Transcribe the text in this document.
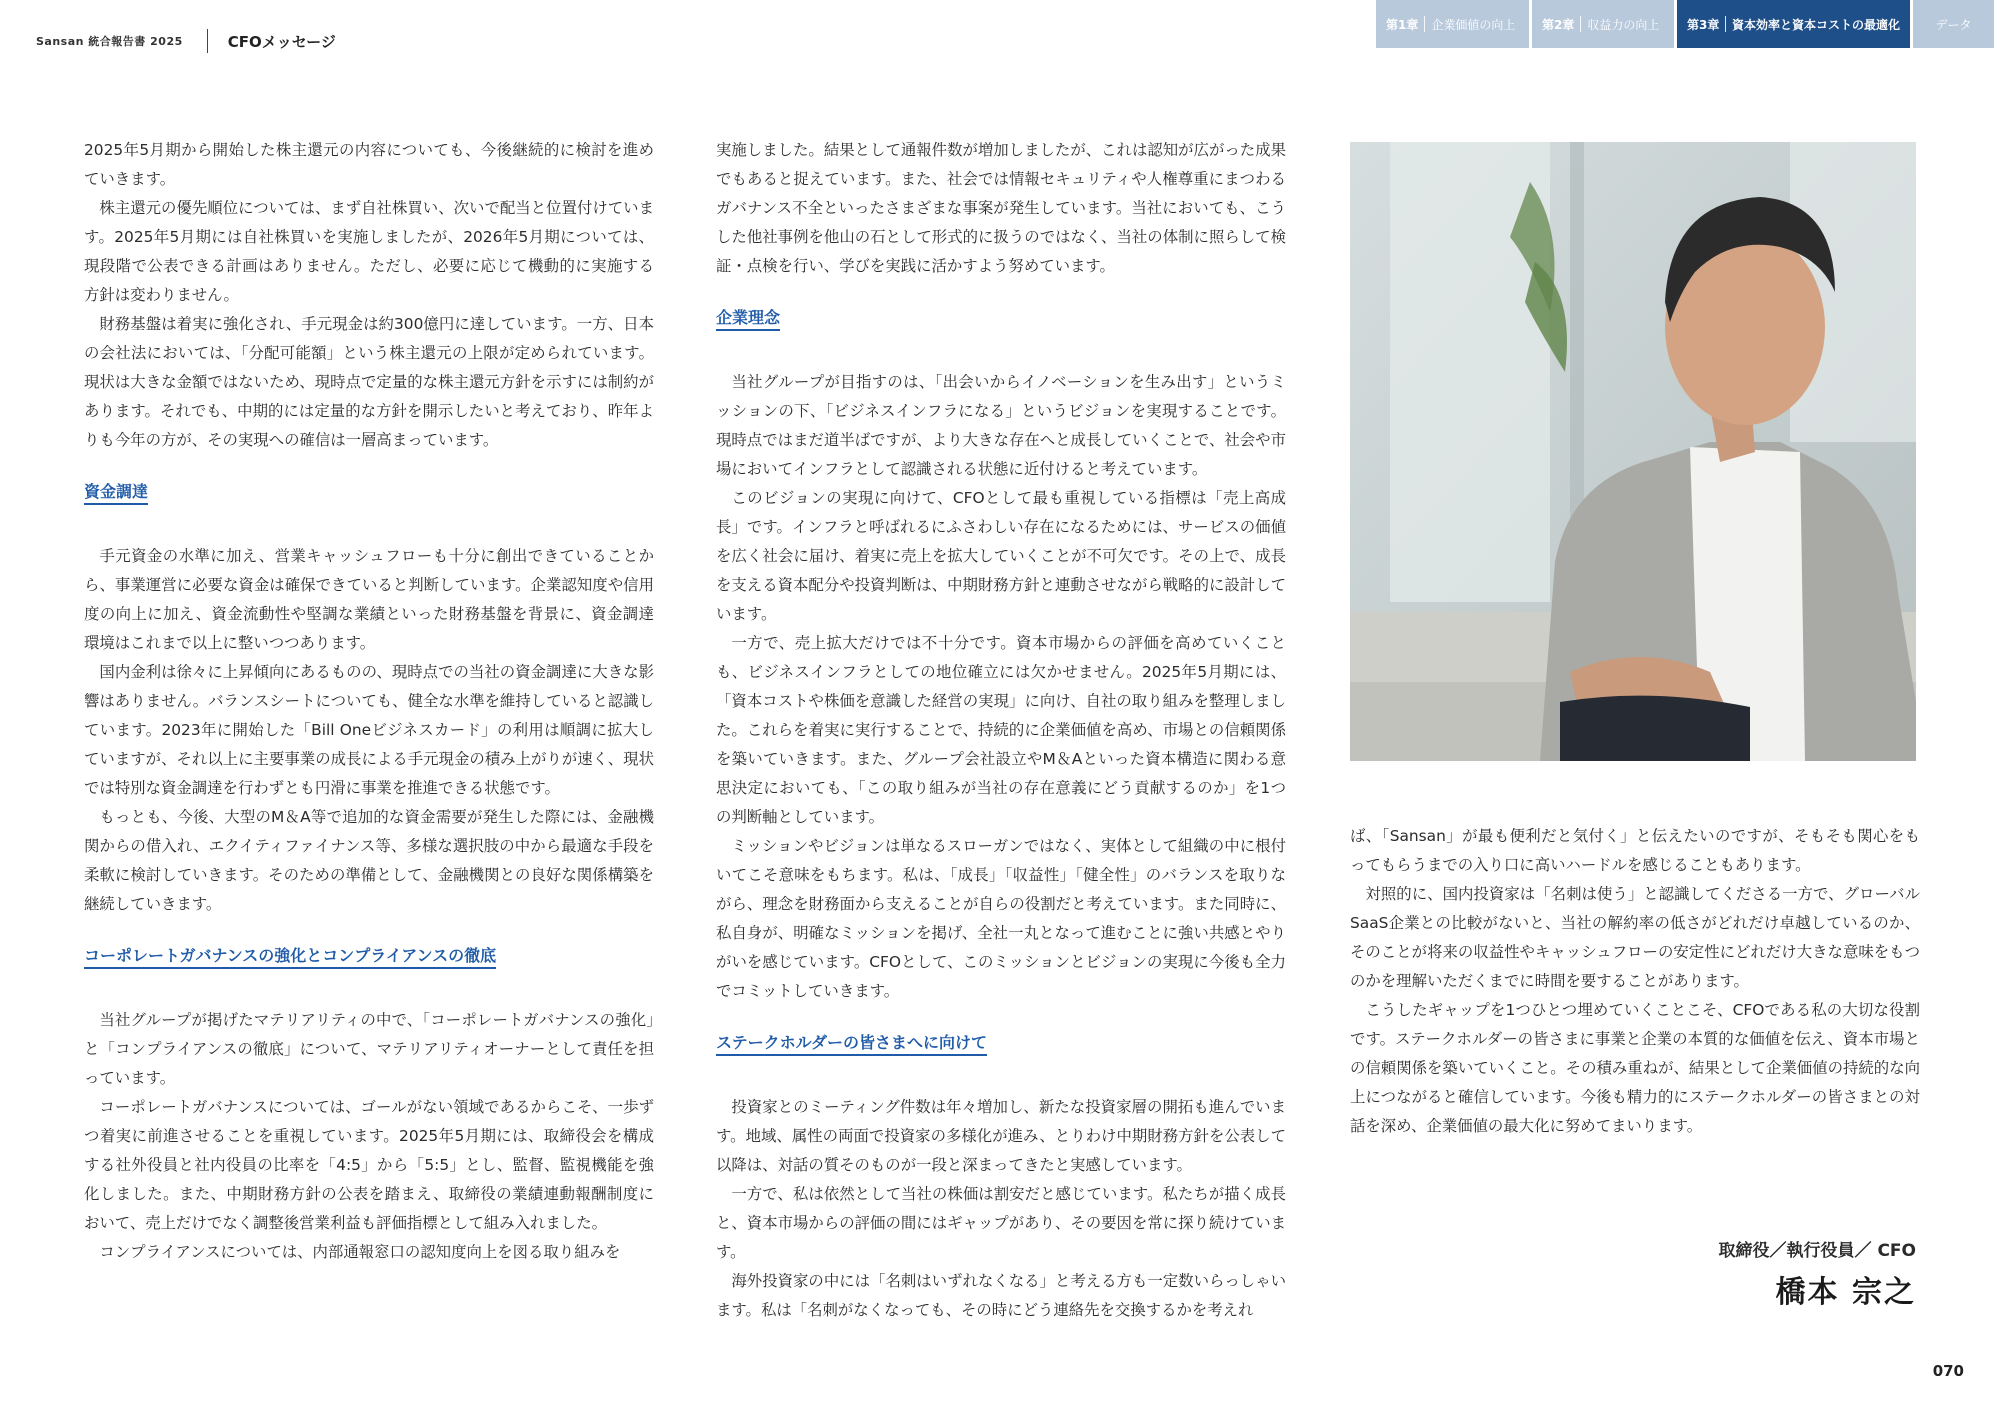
Sansan 統合報告書 2025	CFOメッセージ
第1章 企業価値の向上 第2章 収益力の向上 第3章 資本効率と資本コストの最適化	データ

2025年5月期から開始した株主還元の内容についても、今後継続的に検討を進めていきます。

株主還元の優先順位については、まず自社株買い、次いで配当と位置付けています。2025年5月期には自社株買いを実施しましたが、2026年5月期については、現段階で公表できる計画はありません。ただし、必要に応じて機動的に実施する方針は変わりません。

財務基盤は着実に強化され、手元現金は約300億円に達しています。一方、日本の会社法においては、「分配可能額」という株主還元の上限が定められています。現状は大きな金額ではないため、現時点で定量的な株主還元方針を示すには制約があります。それでも、中期的には定量的な方針を開示したいと考えており、昨年よりも今年の方が、その実現への確信は一層高まっています。

資金調達

手元資金の水準に加え、営業キャッシュフローも十分に創出できていることから、事業運営に必要な資金は確保できていると判断しています。企業認知度や信用度の向上に加え、資金流動性や堅調な業績といった財務基盤を背景に、資金調達環境はこれまで以上に整いつつあります。

国内金利は徐々に上昇傾向にあるものの、現時点での当社の資金調達に大きな影響はありません。バランスシートについても、健全な水準を維持していると認識しています。2023年に開始した「Bill Oneビジネスカード」の利用は順調に拡大していますが、それ以上に主要事業の成長による手元現金の積み上がりが速く、現状では特別な資金調達を行わずとも円滑に事業を推進できる状態です。

もっとも、今後、大型のM＆A等で追加的な資金需要が発生した際には、金融機関からの借入れ、エクイティファイナンス等、多様な選択肢の中から最適な手段を柔軟に検討していきます。そのための準備として、金融機関との良好な関係構築を継続していきます。

コーポレートガバナンスの強化とコンプライアンスの徹底

当社グループが掲げたマテリアリティの中で、「コーポレートガバナンスの強化」と「コンプライアンスの徹底」について、マテリアリティオーナーとして責任を担っています。

コーポレートガバナンスについては、ゴールがない領域であるからこそ、一歩ずつ着実に前進させることを重視しています。2025年5月期には、取締役会を構成する社外役員と社内役員の比率を「4:5」から「5:5」とし、監督、監視機能を強化しました。また、中期財務方針の公表を踏まえ、取締役の業績連動報酬制度において、売上だけでなく調整後営業利益も評価指標として組み入れました。

コンプライアンスについては、内部通報窓口の認知度向上を図る取り組みを

実施しました。結果として通報件数が増加しましたが、これは認知が広がった成果でもあると捉えています。また、社会では情報セキュリティや人権尊重にまつわるガバナンス不全といったさまざまな事案が発生しています。当社においても、こうした他社事例を他山の石として形式的に扱うのではなく、当社の体制に照らして検証・点検を行い、学びを実践に活かすよう努めています。

企業理念

当社グループが目指すのは、「出会いからイノベーションを生み出す」というミッションの下、「ビジネスインフラになる」というビジョンを実現することです。現時点ではまだ道半ばですが、より大きな存在へと成長していくことで、社会や市場においてインフラとして認識される状態に近付けると考えています。

このビジョンの実現に向けて、CFOとして最も重視している指標は「売上高成長」です。インフラと呼ばれるにふさわしい存在になるためには、サービスの価値を広く社会に届け、着実に売上を拡大していくことが不可欠です。その上で、成長を支える資本配分や投資判断は、中期財務方針と連動させながら戦略的に設計しています。

一方で、売上拡大だけでは不十分です。資本市場からの評価を高めていくことも、ビジネスインフラとしての地位確立には欠かせません。2025年5月期には、「資本コストや株価を意識した経営の実現」に向け、自社の取り組みを整理しました。これらを着実に実行することで、持続的に企業価値を高め、市場との信頼関係を築いていきます。また、グループ会社設立やM＆Aといった資本構造に関わる意思決定においても、「この取り組みが当社の存在意義にどう貢献するのか」を1つの判断軸としています。

ミッションやビジョンは単なるスローガンではなく、実体として組織の中に根付いてこそ意味をもちます。私は、「成長」「収益性」「健全性」のバランスを取りながら、理念を財務面から支えることが自らの役割だと考えています。また同時に、私自身が、明確なミッションを掲げ、全社一丸となって進むことに強い共感とやりがいを感じています。CFOとして、このミッションとビジョンの実現に今後も全力でコミットしていきます。

ステークホルダーの皆さまへに向けて

投資家とのミーティング件数は年々増加し、新たな投資家層の開拓も進んでいます。地域、属性の両面で投資家の多様化が進み、とりわけ中期財務方針を公表して以降は、対話の質そのものが一段と深まってきたと実感しています。

一方で、私は依然として当社の株価は割安だと感じています。私たちが描く成長と、資本市場からの評価の間にはギャップがあり、その要因を常に探り続けています。

海外投資家の中には「名刺はいずれなくなる」と考える方も一定数いらっしゃいます。私は「名刺がなくなっても、その時にどう連絡先を交換するかを考えれ

ば、「Sansan」が最も便利だと気付く」と伝えたいのですが、そもそも関心をもってもらうまでの入り口に高いハードルを感じることもあります。

対照的に、国内投資家は「名刺は使う」と認識してくださる一方で、グローバルSaaS企業との比較がないと、当社の解約率の低さがどれだけ卓越しているのか、そのことが将来の収益性やキャッシュフローの安定性にどれだけ大きな意味をもつのかを理解いただくまでに時間を要することがあります。

こうしたギャップを1つひとつ埋めていくことこそ、CFOである私の大切な役割です。ステークホルダーの皆さまに事業と企業の本質的な価値を伝え、資本市場との信頼関係を築いていくこと。その積み重ねが、結果として企業価値の持続的な向上につながると確信しています。今後も精力的にステークホルダーの皆さまとの対話を深め、企業価値の最大化に努めてまいります。

取締役／執行役員／ CFO
橋本 宗之
070
